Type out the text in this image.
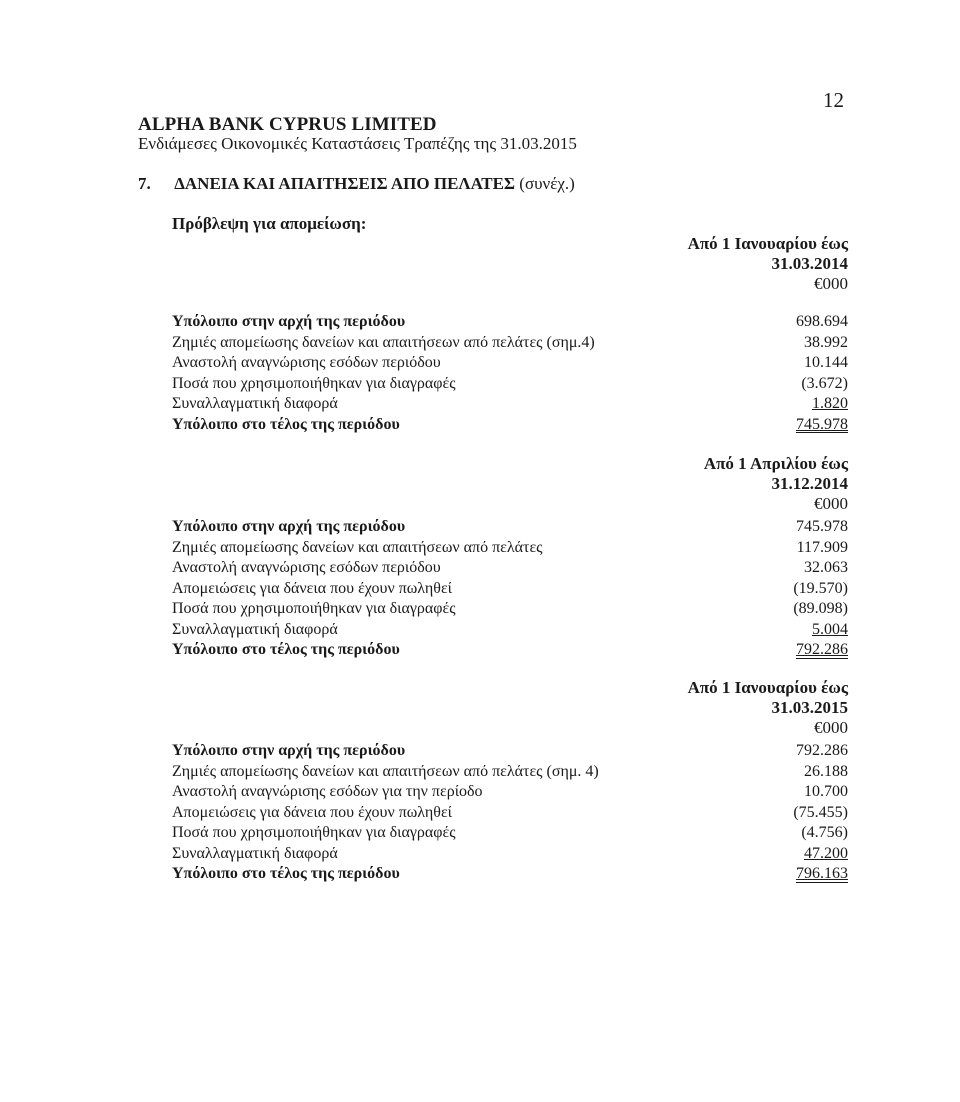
12
ALPHA BANK CYPRUS LIMITED
Ενδιάμεσες Οικονομικές Καταστάσεις Τραπέζης της 31.03.2015
7. ΔΑΝΕΙΑ ΚΑΙ ΑΠΑΙΤΗΣΕΙΣ ΑΠΟ ΠΕΛΑΤΕΣ (συνέχ.)
Πρόβλεψη για απομείωση:
Από 1 Ιανουαρίου έως
31.03.2014
€000
Υπόλοιπο στην αρχή της περιόδου	698.694
Ζημιές απομείωσης δανείων και απαιτήσεων από πελάτες (σημ.4)	38.992
Αναστολή αναγνώρισης εσόδων περιόδου	10.144
Ποσά που χρησιμοποιήθηκαν για διαγραφές	(3.672)
Συναλλαγματική διαφορά	1.820
Υπόλοιπο στο τέλος της περιόδου	745.978
Από 1 Απριλίου έως
31.12.2014
€000
Υπόλοιπο στην αρχή της περιόδου	745.978
Ζημιές απομείωσης δανείων και απαιτήσεων από πελάτες	117.909
Αναστολή αναγνώρισης εσόδων περιόδου	32.063
Απομειώσεις για δάνεια που έχουν πωληθεί	(19.570)
Ποσά που χρησιμοποιήθηκαν για διαγραφές	(89.098)
Συναλλαγματική διαφορά	5.004
Υπόλοιπο στο τέλος της περιόδου	792.286
Από 1 Ιανουαρίου έως
31.03.2015
€000
Υπόλοιπο στην αρχή της περιόδου	792.286
Ζημιές απομείωσης δανείων και απαιτήσεων από πελάτες (σημ. 4)	26.188
Αναστολή αναγνώρισης εσόδων για την περίοδο	10.700
Απομειώσεις για δάνεια που έχουν πωληθεί	(75.455)
Ποσά που χρησιμοποιήθηκαν για διαγραφές	(4.756)
Συναλλαγματική διαφορά	47.200
Υπόλοιπο στο τέλος της περιόδου	796.163
